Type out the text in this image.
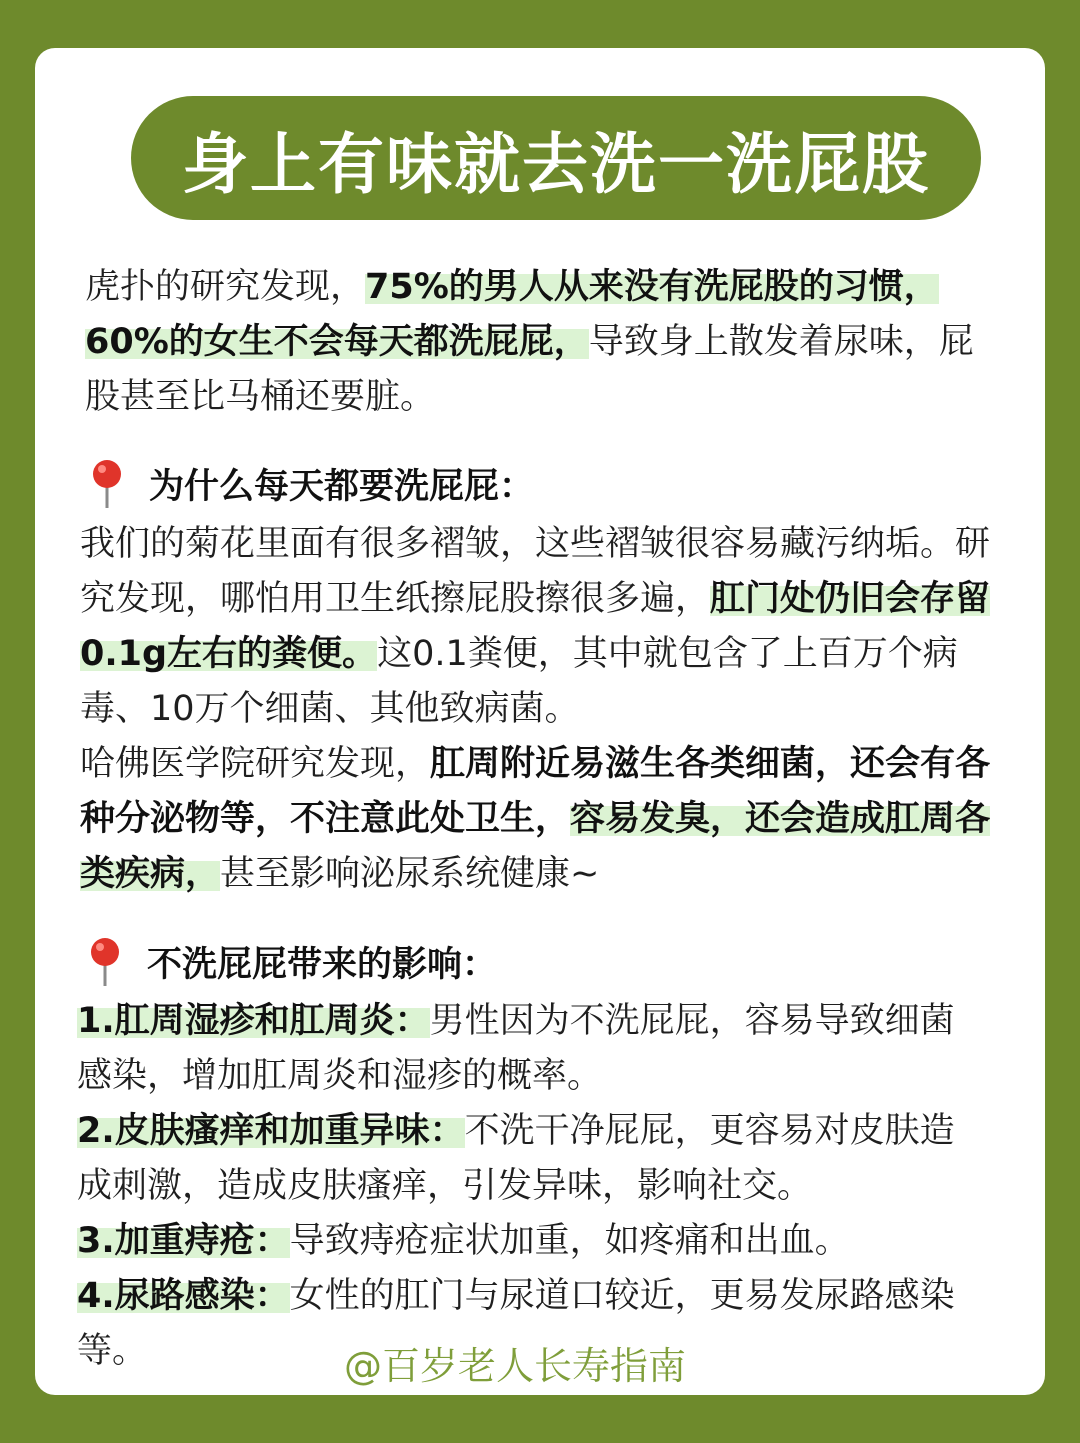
身上有味就去洗一洗屁股
虎扑的研究发现，75%的男人从来没有洗屁股的习惯，60%的女生不会每天都洗屁屁，导致身上散发着尿味，屁股甚至比马桶还要脏。
为什么每天都要洗屁屁：
我们的菊花里面有很多褶皱，这些褶皱很容易藏污纳垢。研究发现，哪怕用卫生纸擦屁股擦很多遍，肛门处仍旧会存留0.1g左右的粪便。这0.1粪便，其中就包含了上百万个病毒、10万个细菌、其他致病菌。
哈佛医学院研究发现，肛周附近易滋生各类细菌，还会有各种分泌物等，不注意此处卫生，容易发臭，还会造成肛周各类疾病，甚至影响泌尿系统健康~
不洗屁屁带来的影响：
1.肛周湿疹和肛周炎：男性因为不洗屁屁，容易导致细菌感染，增加肛周炎和湿疹的概率。
2.皮肤瘙痒和加重异味：不洗干净屁屁，更容易对皮肤造成刺激，造成皮肤瘙痒，引发异味，影响社交。
3.加重痔疮：导致痔疮症状加重，如疼痛和出血。
4.尿路感染：女性的肛门与尿道口较近，更易发尿路感染等。	@百岁老人长寿指南
